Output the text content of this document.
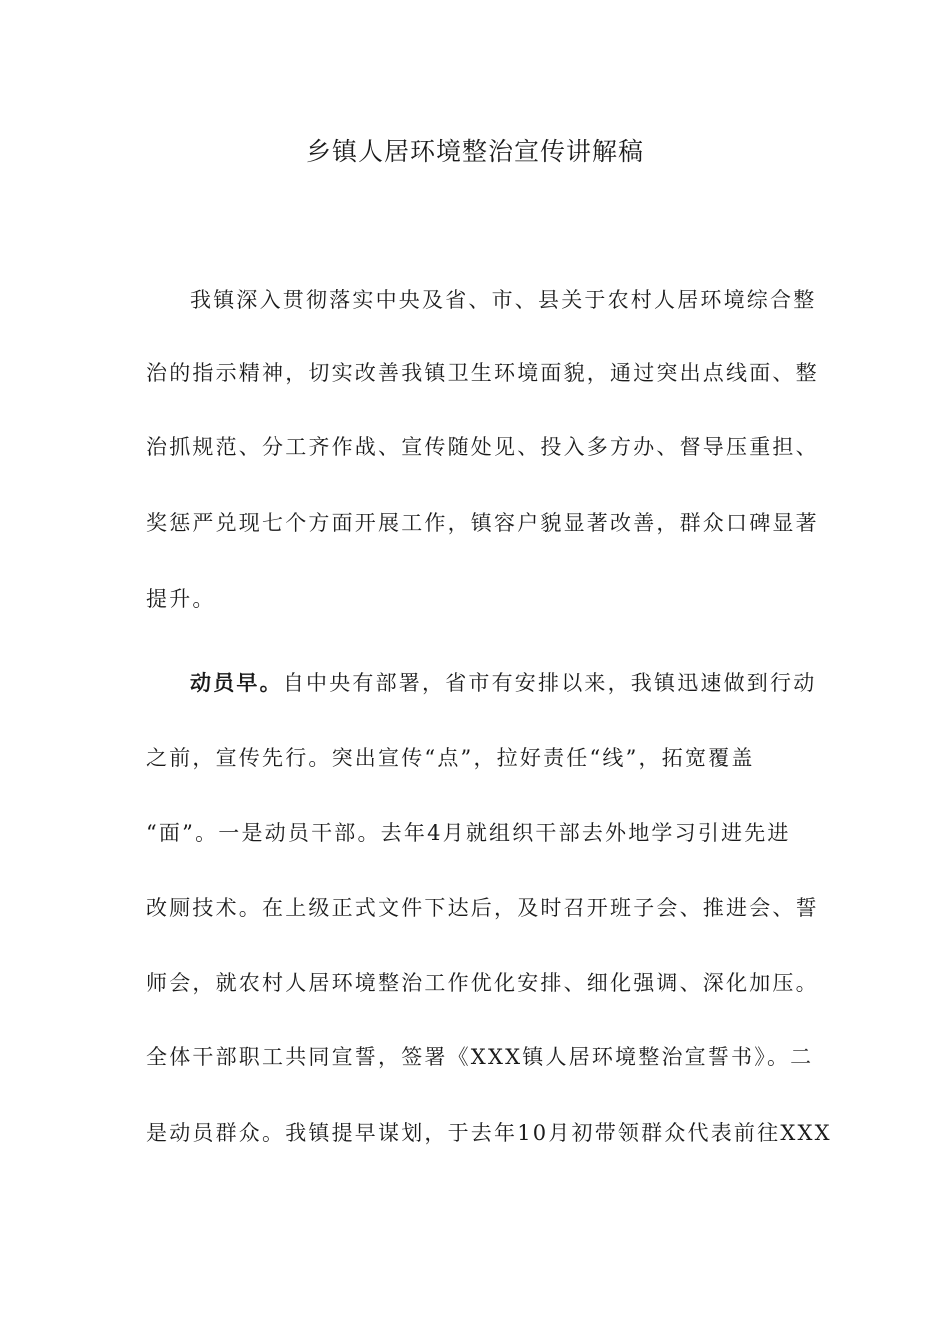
乡镇人居环境整治宣传讲解稿
我镇深入贯彻落实中央及省、市、县关于农村人居环境综合整
治的指示精神，切实改善我镇卫生环境面貌，通过突出点线面、整
治抓规范、分工齐作战、宣传随处见、投入多方办、督导压重担、
奖惩严兑现七个方面开展工作，镇容户貌显著改善，群众口碑显著
提升。
动员早。自中央有部署，省市有安排以来，我镇迅速做到行动
之前，宣传先行。突出宣传“点”，拉好责任“线”，拓宽覆盖
“面”。一是动员干部。去年4月就组织干部去外地学习引进先进
改厕技术。在上级正式文件下达后，及时召开班子会、推进会、誓
师会，就农村人居环境整治工作优化安排、细化强调、深化加压。
全体干部职工共同宣誓，签署《XXX镇人居环境整治宣誓书》。二
是动员群众。我镇提早谋划，于去年10月初带领群众代表前往XXX
